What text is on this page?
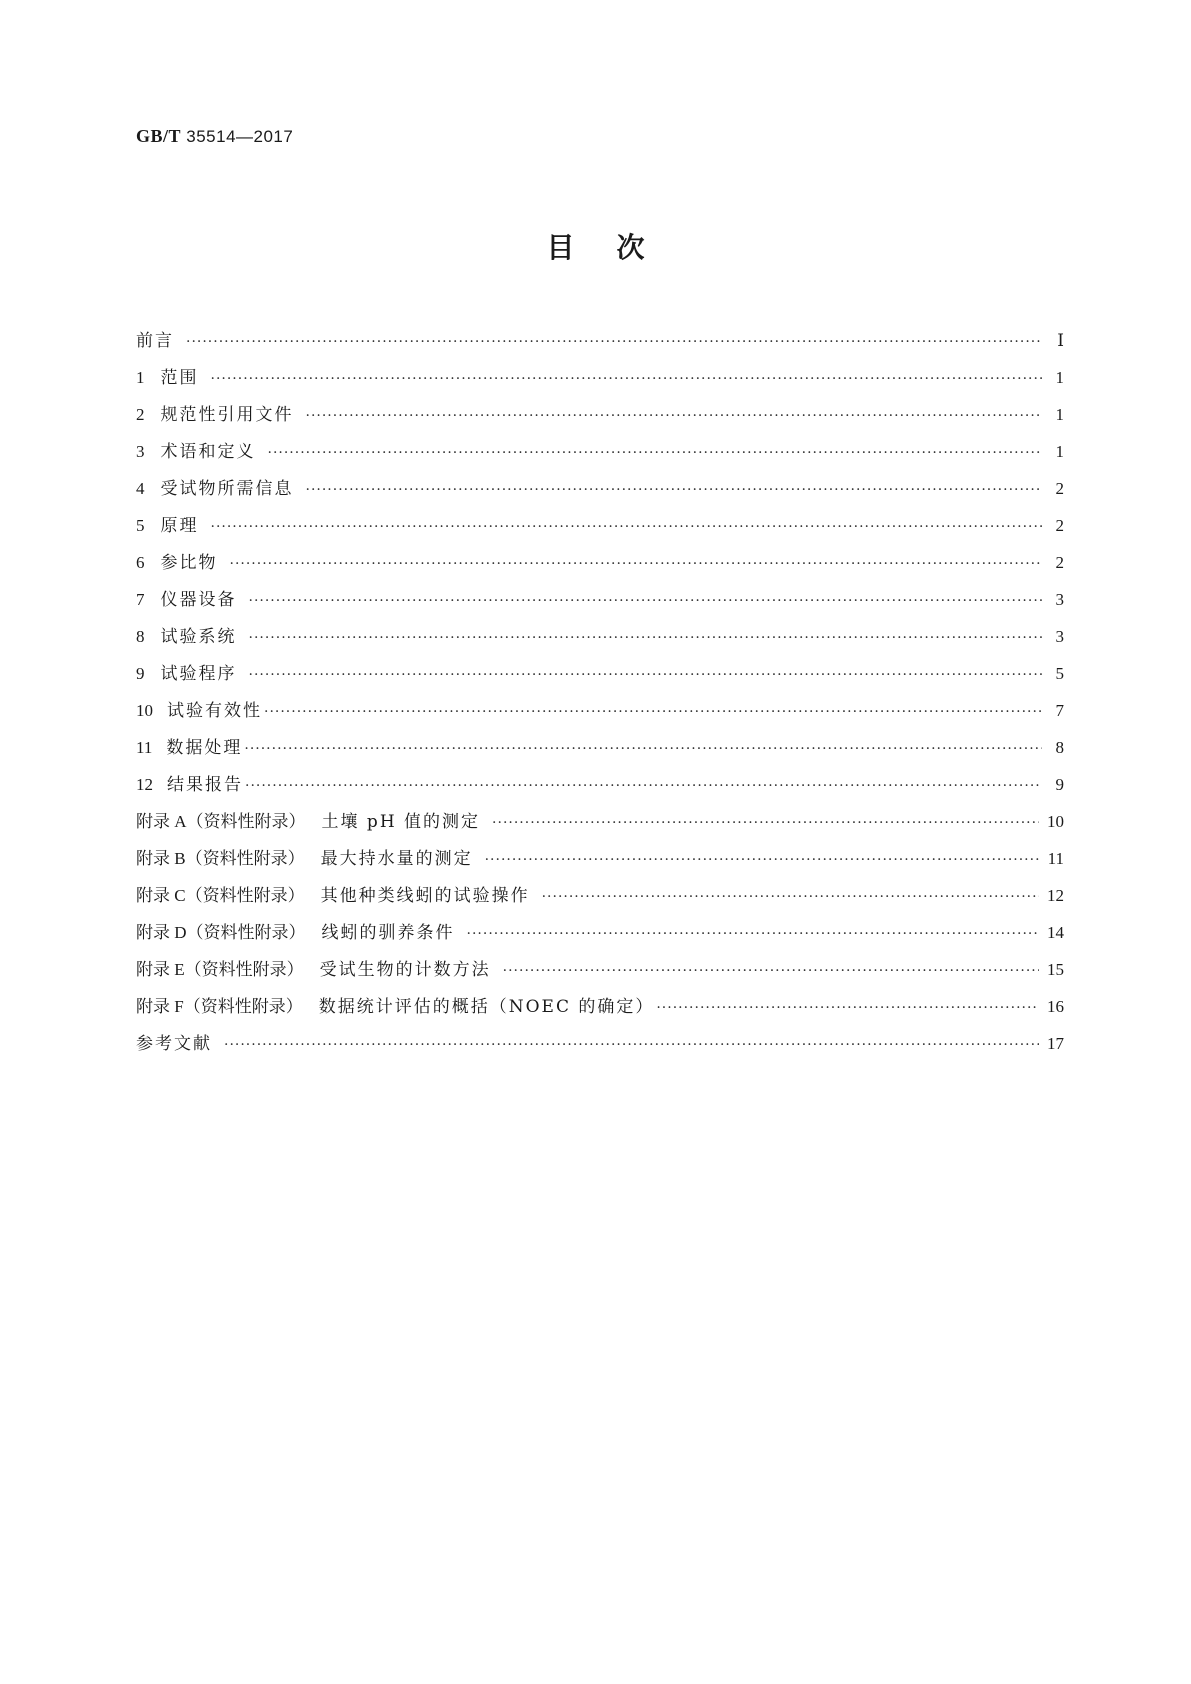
GB/T 35514—2017
目次
前言 ·····	Ⅰ
1 范围 ·····	1
2 规范性引用文件 ·····	1
3 术语和定义 ·····	1
4 受试物所需信息 ·····	2
5 原理 ·····	2
6 参比物 ·····	2
7 仪器设备 ·····	3
8 试验系统 ·····	3
9 试验程序 ·····	5
10 试验有效性 ·····	7
11 数据处理 ·····	8
12 结果报告 ·····	9
附录 A（资料性附录） 土壤 pH 值的测定 ·····	10
附录 B（资料性附录） 最大持水量的测定 ·····	11
附录 C（资料性附录） 其他种类线蚓的试验操作 ·····	12
附录 D（资料性附录） 线蚓的驯养条件 ·····	14
附录 E（资料性附录） 受试生物的计数方法 ·····	15
附录 F（资料性附录） 数据统计评估的概括（NOEC 的确定） ·····	16
参考文献 ·····	17
